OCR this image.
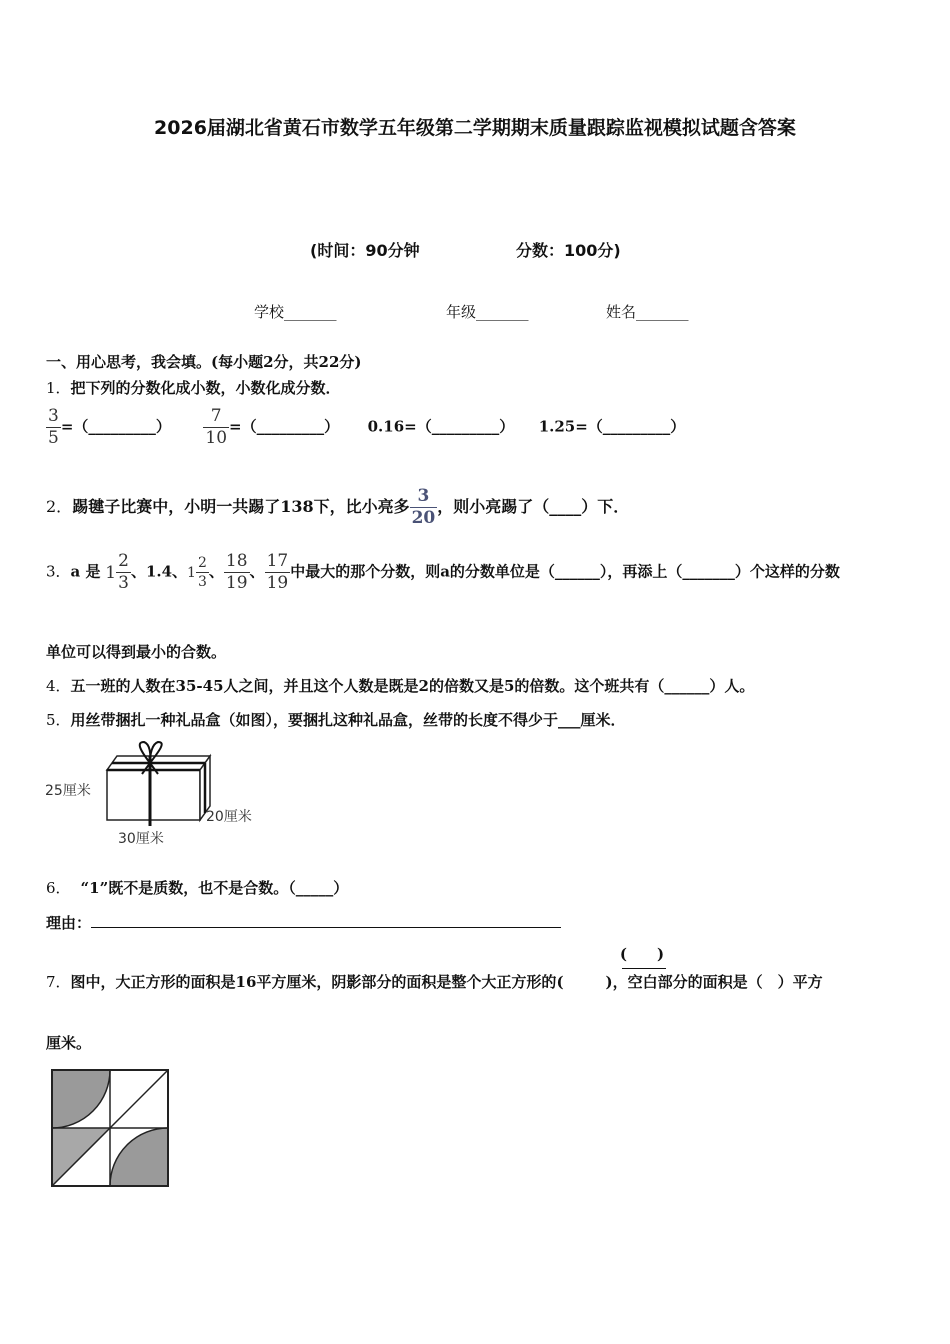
2026届湖北省黄石市数学五年级第二学期期末质量跟踪监视模拟试题含答案
(时间：90分钟	分数：100分)
学校_______	年级_______	姓名_______
一、用心思考，我会填。(每小题2分，共22分)
1．把下列的分数化成小数，小数化成分数．
$\frac{3}{5}$ =（_________） $\frac{7}{10}$ =（_________） 0.16=（_________） 1.25=（_________）
2．踢毽子比赛中，小明一共踢了138下，比小亮多 $\frac{3}{20}$ ，则小亮踢了（____）下．
3．a 是 $1 \frac{2}{3}$ 、1.4、$1 \frac{2}{3}$ 、 $\frac{18}{19}$ 、 $\frac{17}{19}$ 中最大的那个分数，则a的分数单位是（______），再添上（_______）个这样的分数
单位可以得到最小的合数。
4．五一班的人数在35-45人之间，并且这个人数是既是2的倍数又是5的倍数。这个班共有（______）人。
5．用丝带捆扎一种礼品盒（如图），要捆扎这种礼品盒，丝带的长度不得少于___厘米．
25厘米
30厘米
20厘米
6． “1”既不是质数，也不是合数。（_____）
理由：
7．图中，大正方形的面积是16平方厘米，阴影部分的面积是整个大正方形的(	)，空白部分的面积是（　）平方
(　　)
厘米。
